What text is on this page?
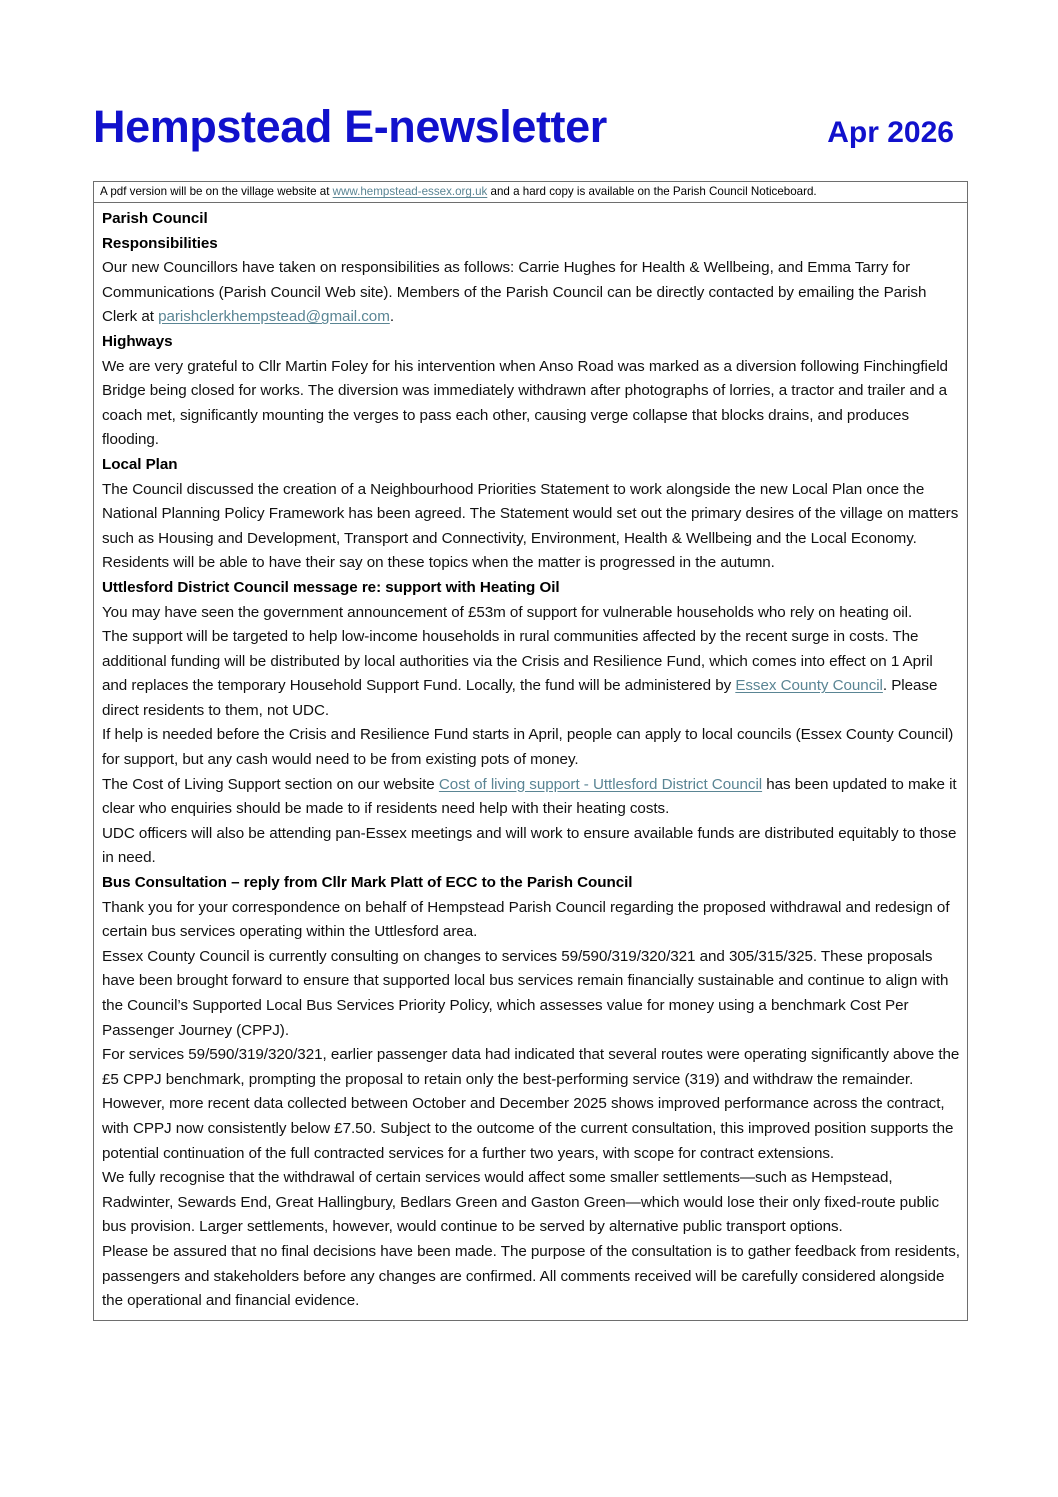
Hempstead E-newsletter	Apr 2026
A pdf version will be on the village website at www.hempstead-essex.org.uk and a hard copy is available on the Parish Council Noticeboard.
Parish Council
Responsibilities
Our new Councillors have taken on responsibilities as follows: Carrie Hughes for Health & Wellbeing, and Emma Tarry for Communications (Parish Council Web site). Members of the Parish Council can be directly contacted by emailing the Parish Clerk at parishclerkhempstead@gmail.com.
Highways
We are very grateful to Cllr Martin Foley for his intervention when Anso Road was marked as a diversion following Finchingfield Bridge being closed for works. The diversion was immediately withdrawn after photographs of lorries, a tractor and trailer and a coach met, significantly mounting the verges to pass each other, causing verge collapse that blocks drains, and produces flooding.
Local Plan
The Council discussed the creation of a Neighbourhood Priorities Statement to work alongside the new Local Plan once the National Planning Policy Framework has been agreed. The Statement would set out the primary desires of the village on matters such as Housing and Development, Transport and Connectivity, Environment, Health & Wellbeing and the Local Economy.
Residents will be able to have their say on these topics when the matter is progressed in the autumn.
Uttlesford District Council message re: support with Heating Oil
You may have seen the government announcement of £53m of support for vulnerable households who rely on heating oil.
The support will be targeted to help low-income households in rural communities affected by the recent surge in costs. The additional funding will be distributed by local authorities via the Crisis and Resilience Fund, which comes into effect on 1 April and replaces the temporary Household Support Fund. Locally, the fund will be administered by Essex County Council. Please direct residents to them, not UDC.
If help is needed before the Crisis and Resilience Fund starts in April, people can apply to local councils (Essex County Council) for support, but any cash would need to be from existing pots of money.
The Cost of Living Support section on our website Cost of living support - Uttlesford District Council has been updated to make it clear who enquiries should be made to if residents need help with their heating costs.
UDC officers will also be attending pan-Essex meetings and will work to ensure available funds are distributed equitably to those in need.
Bus Consultation – reply from Cllr Mark Platt of ECC to the Parish Council
Thank you for your correspondence on behalf of Hempstead Parish Council regarding the proposed withdrawal and redesign of certain bus services operating within the Uttlesford area.
Essex County Council is currently consulting on changes to services 59/590/319/320/321 and 305/315/325. These proposals have been brought forward to ensure that supported local bus services remain financially sustainable and continue to align with the Council’s Supported Local Bus Services Priority Policy, which assesses value for money using a benchmark Cost Per Passenger Journey (CPPJ).
For services 59/590/319/320/321, earlier passenger data had indicated that several routes were operating significantly above the £5 CPPJ benchmark, prompting the proposal to retain only the best-performing service (319) and withdraw the remainder. However, more recent data collected between October and December 2025 shows improved performance across the contract, with CPPJ now consistently below £7.50. Subject to the outcome of the current consultation, this improved position supports the potential continuation of the full contracted services for a further two years, with scope for contract extensions.
We fully recognise that the withdrawal of certain services would affect some smaller settlements—such as Hempstead, Radwinter, Sewards End, Great Hallingbury, Bedlars Green and Gaston Green—which would lose their only fixed-route public bus provision. Larger settlements, however, would continue to be served by alternative public transport options.
Please be assured that no final decisions have been made. The purpose of the consultation is to gather feedback from residents, passengers and stakeholders before any changes are confirmed. All comments received will be carefully considered alongside the operational and financial evidence.
